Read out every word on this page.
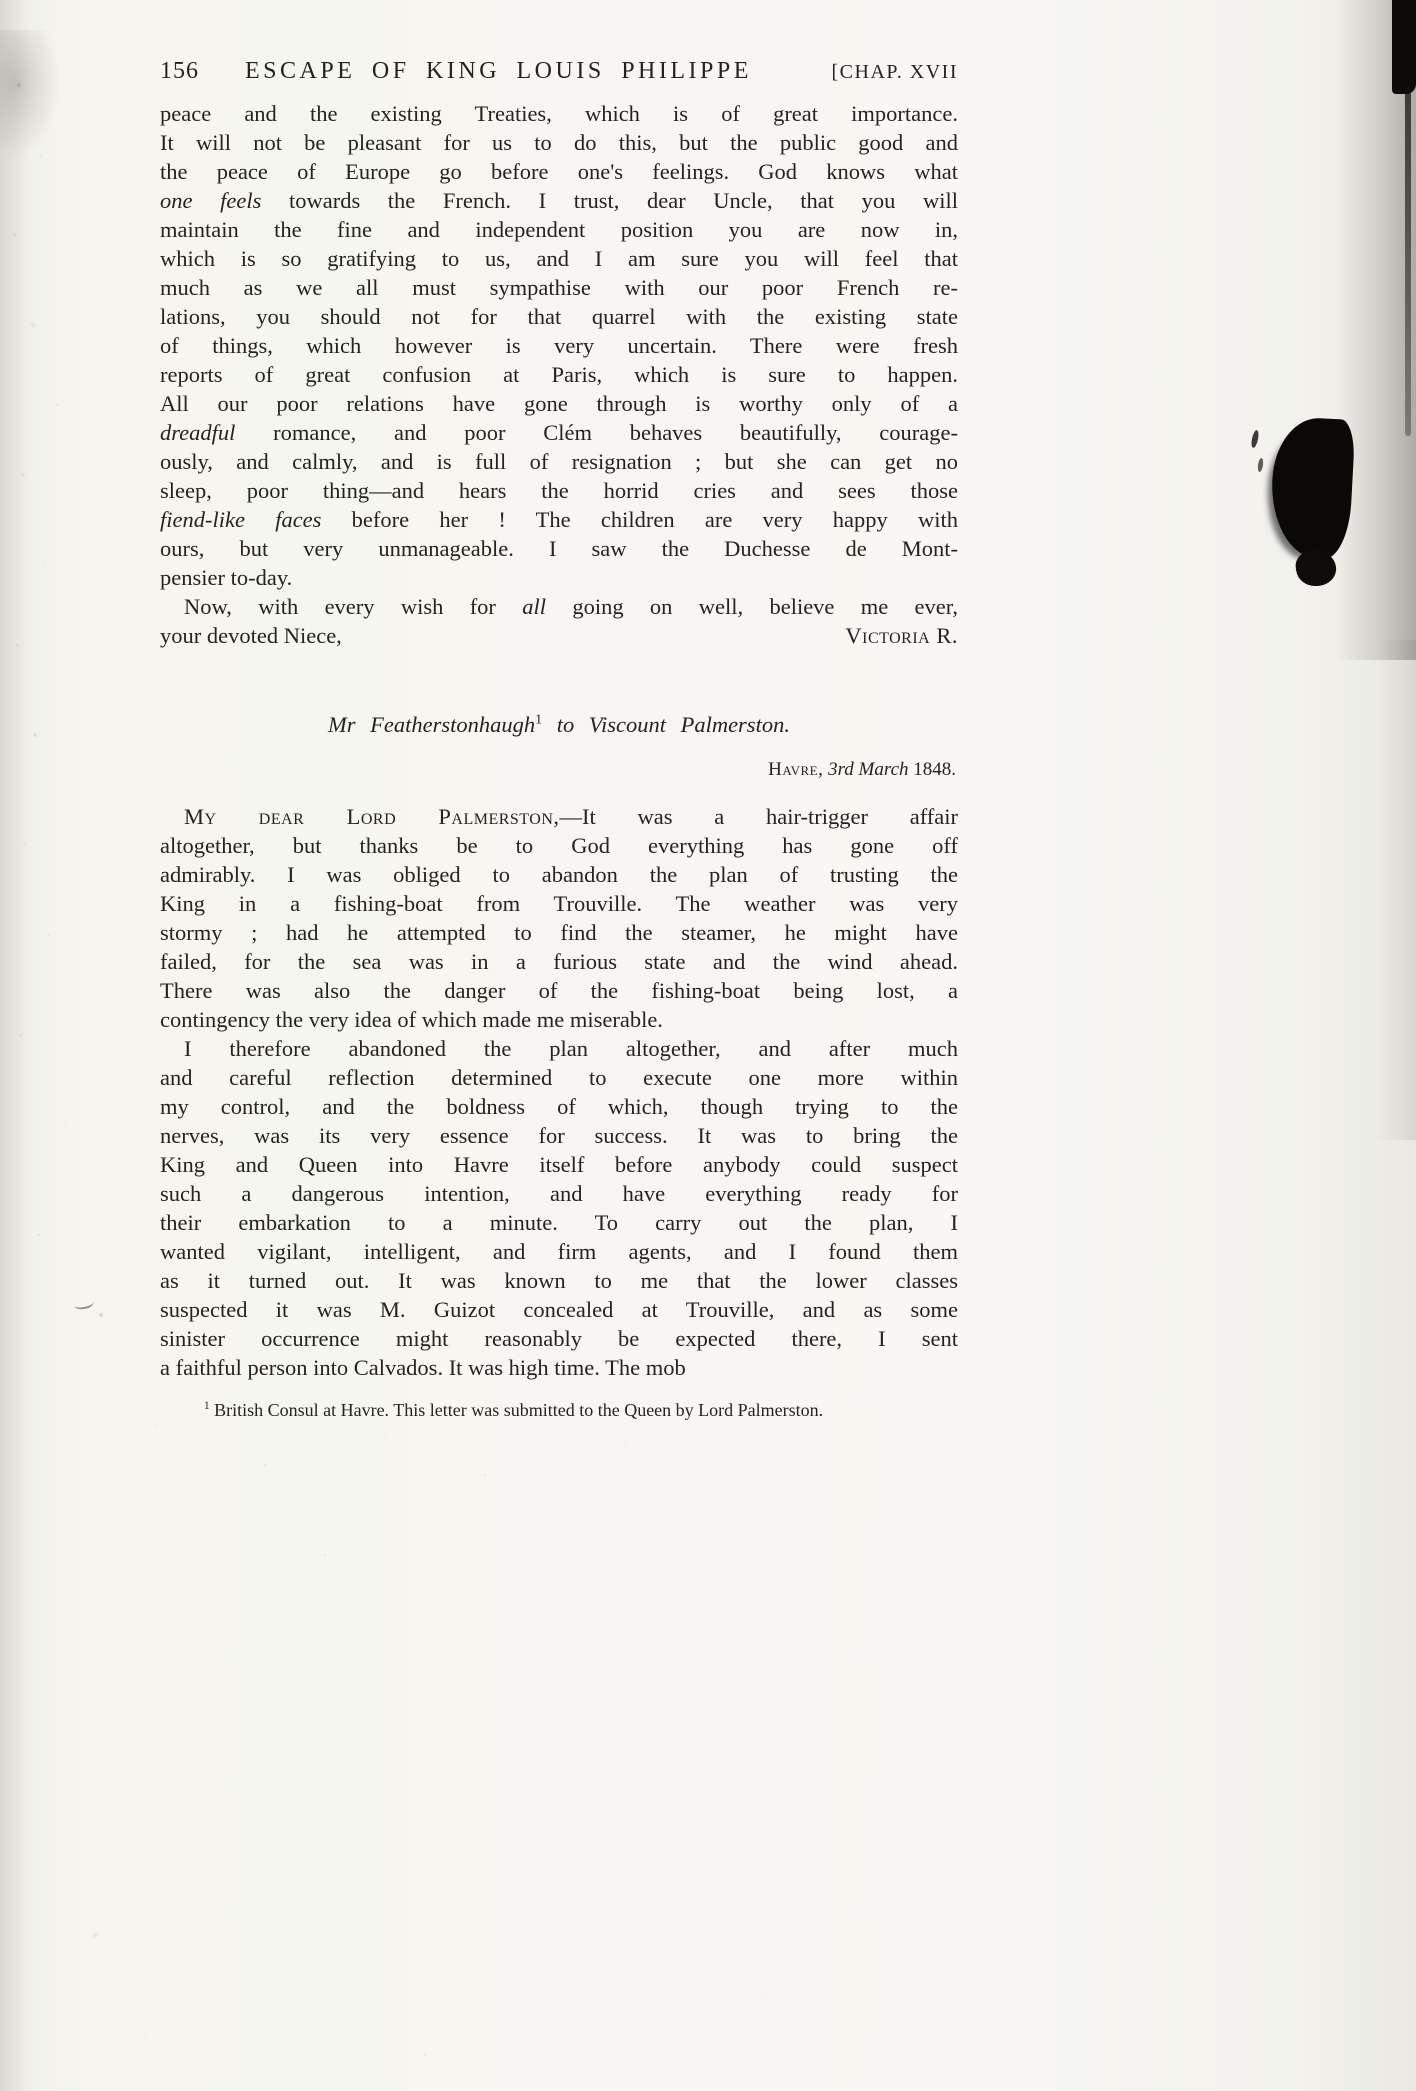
156 ESCAPE OF KING LOUIS PHILIPPE	[CHAP. XVII
peace and the existing Treaties, which is of great importance.
It will not be pleasant for us to do this, but the public good and
the peace of Europe go before one's feelings. God knows what
one feels towards the French. I trust, dear Uncle, that you will
maintain the fine and independent position you are now in,
which is so gratifying to us, and I am sure you will feel that
much as we all must sympathise with our poor French re-
lations, you should not for that quarrel with the existing state
of things, which however is very uncertain. There were fresh
reports of great confusion at Paris, which is sure to happen.
All our poor relations have gone through is worthy only of a
dreadful romance, and poor Clém behaves beautifully, courage-
ously, and calmly, and is full of resignation ; but she can get no
sleep, poor thing—and hears the horrid cries and sees those
fiend-like faces before her ! The children are very happy with
ours, but very unmanageable. I saw the Duchesse de Mont-
pensier to-day.
Now, with every wish for all going on well, believe me ever,
your devoted Niece,	Victoria R.
Mr Featherstonhaugh$^1$ to Viscount Palmerston.
Havre, 3rd March 1848.
My dear Lord Palmerston,—It was a hair-trigger affair
altogether, but thanks be to God everything has gone off
admirably. I was obliged to abandon the plan of trusting the
King in a fishing-boat from Trouville. The weather was very
stormy ; had he attempted to find the steamer, he might have
failed, for the sea was in a furious state and the wind ahead.
There was also the danger of the fishing-boat being lost, a
contingency the very idea of which made me miserable.
I therefore abandoned the plan altogether, and after much
and careful reflection determined to execute one more within
my control, and the boldness of which, though trying to the
nerves, was its very essence for success. It was to bring the
King and Queen into Havre itself before anybody could suspect
such a dangerous intention, and have everything ready for
their embarkation to a minute. To carry out the plan, I
wanted vigilant, intelligent, and firm agents, and I found them
as it turned out. It was known to me that the lower classes
suspected it was M. Guizot concealed at Trouville, and as some
sinister occurrence might reasonably be expected there, I sent
a faithful person into Calvados. It was high time. The mob
$^1$ British Consul at Havre. This letter was submitted to the Queen by Lord Palmerston.
